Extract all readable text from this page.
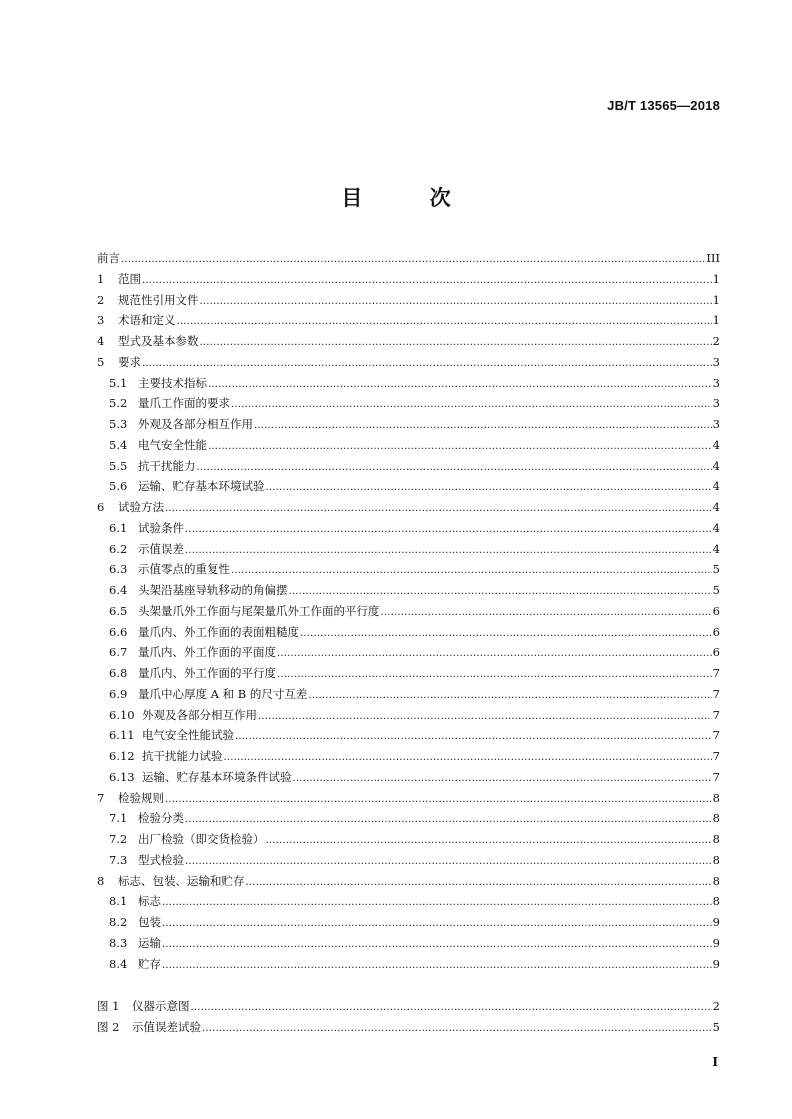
JB/T 13565—2018
目 次
前言 .....	III
1	范围 .....	1
2	规范性引用文件 .....	1
3	术语和定义 .....	1
4	型式及基本参数 .....	2
5	要求 .....	3
5.1 主要技术指标 .....	3
5.2 量爪工作面的要求 .....	3
5.3 外观及各部分相互作用 .....	3
5.4 电气安全性能 .....	4
5.5 抗干扰能力 .....	4
5.6 运输、贮存基本环境试验 .....	4
6	试验方法 .....	4
6.1 试验条件 .....	4
6.2 示值误差 .....	4
6.3 示值零点的重复性 .....	5
6.4 头架沿基座导轨移动的角偏摆 .....	5
6.5 头架量爪外工作面与尾架量爪外工作面的平行度 .....	6
6.6 量爪内、外工作面的表面粗糙度 .....	6
6.7 量爪内、外工作面的平面度 .....	6
6.8 量爪内、外工作面的平行度 .....	7
6.9 量爪中心厚度 A 和 B 的尺寸互差 .....	7
6.10 外观及各部分相互作用 .....	7
6.11 电气安全性能试验 .....	7
6.12 抗干扰能力试验 .....	7
6.13 运输、贮存基本环境条件试验 .....	7
7	检验规则 .....	8
7.1 检验分类 .....	8
7.2 出厂检验（即交货检验） .....	8
7.3 型式检验 .....	8
8	标志、包装、运输和贮存 .....	8
8.1 标志 .....	8
8.2 包装 .....	9
8.3 运输 .....	9
8.4 贮存 .....	9
图 1	仪器示意图 .....	2
图 2	示值误差试验 .....	5
I
